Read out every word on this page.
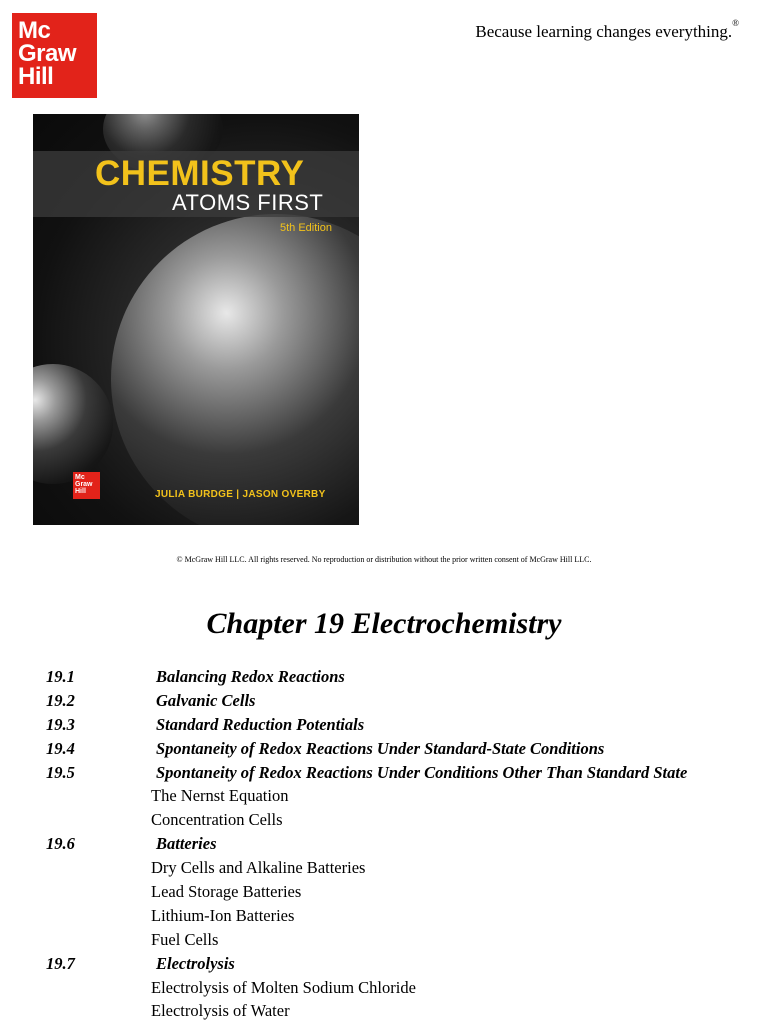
Mc
Graw
Hill
Because learning changes everything.®
CHEMISTRY
ATOMS FIRST
5th Edition
Mc
Graw
Hill	JULIA BURDGE | JASON OVERBY
© McGraw Hill LLC. All rights reserved. No reproduction or distribution without the prior written consent of McGraw Hill LLC.
Chapter 19 Electrochemistry
19.1	Balancing Redox Reactions
19.2	Galvanic Cells
19.3	Standard Reduction Potentials
19.4	Spontaneity of Redox Reactions Under Standard-State Conditions
19.5	Spontaneity of Redox Reactions Under Conditions Other Than Standard State
The Nernst Equation
Concentration Cells
19.6	Batteries
Dry Cells and Alkaline Batteries
Lead Storage Batteries
Lithium-Ion Batteries
Fuel Cells
19.7	Electrolysis
Electrolysis of Molten Sodium Chloride
Electrolysis of Water
